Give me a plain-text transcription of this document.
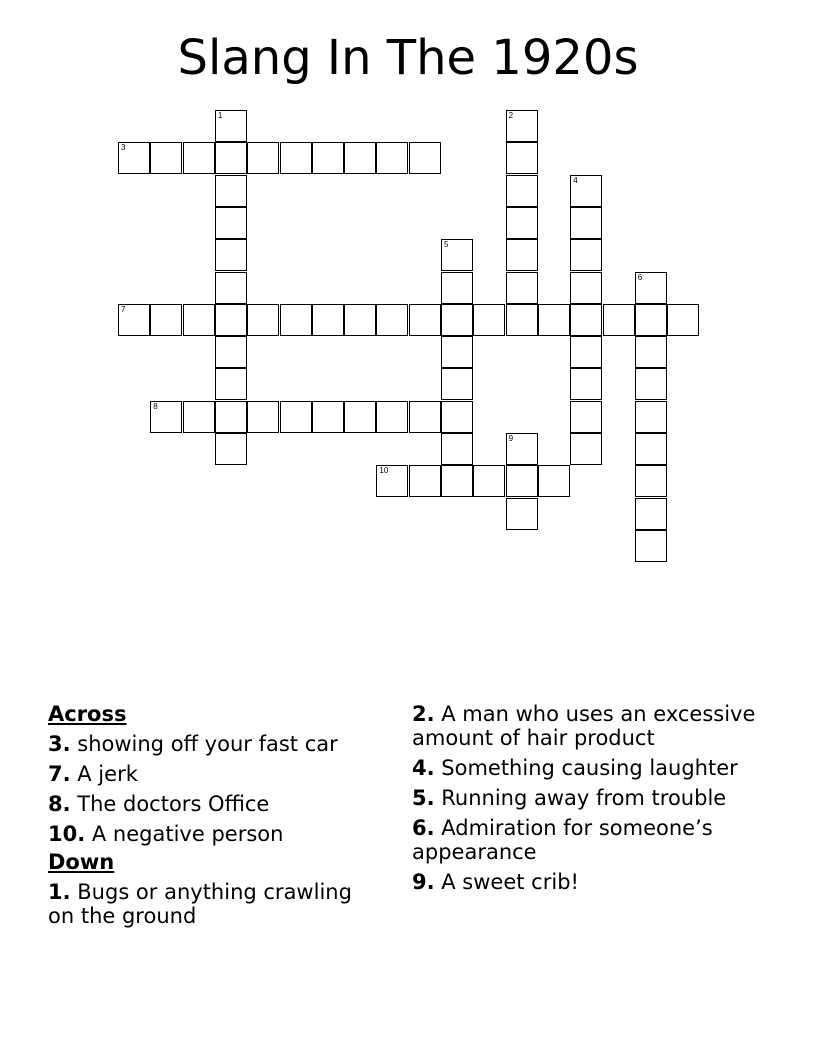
Slang In The 1920s
1	2
3
4
5
6
7
8
9
10
Across
3. showing off your fast car
7. A jerk
8. The doctors Office
10. A negative person
Down
1. Bugs or anything crawling on the ground
2. A man who uses an excessive amount of hair product
4. Something causing laughter
5. Running away from trouble
6. Admiration for someone’s appearance
9. A sweet crib!
